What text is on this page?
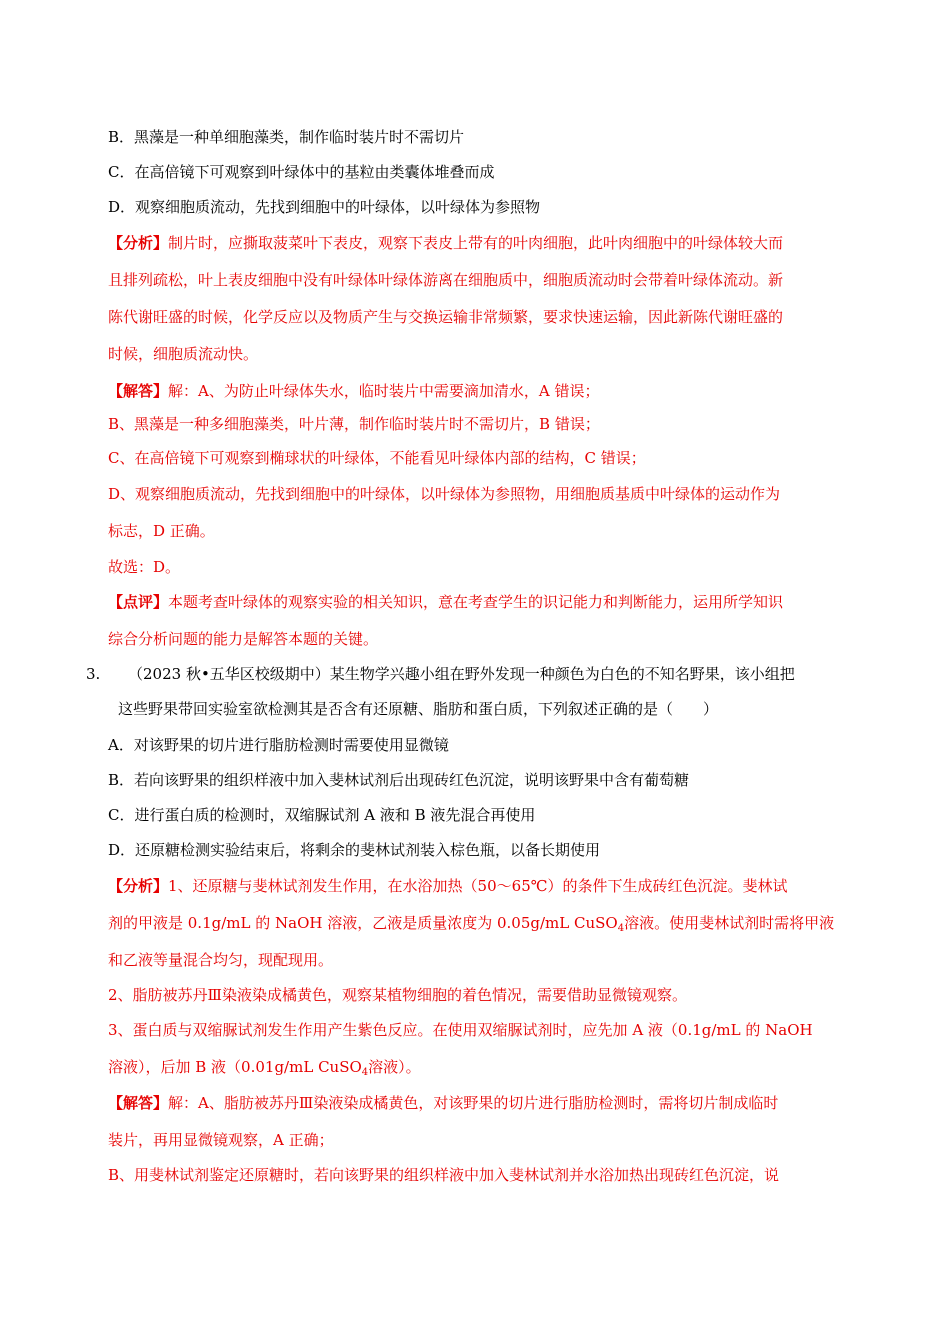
B．黑藻是一种单细胞藻类，制作临时装片时不需切片
C．在高倍镜下可观察到叶绿体中的基粒由类囊体堆叠而成
D．观察细胞质流动，先找到细胞中的叶绿体，以叶绿体为参照物
【分析】制片时，应撕取菠菜叶下表皮，观察下表皮上带有的叶肉细胞，此叶肉细胞中的叶绿体较大而
且排列疏松，叶上表皮细胞中没有叶绿体叶绿体游离在细胞质中，细胞质流动时会带着叶绿体流动。新
陈代谢旺盛的时候，化学反应以及物质产生与交换运输非常频繁，要求快速运输，因此新陈代谢旺盛的
时候，细胞质流动快。
【解答】解：A、为防止叶绿体失水，临时装片中需要滴加清水，A 错误；
B、黑藻是一种多细胞藻类，叶片薄，制作临时装片时不需切片，B 错误；
C、在高倍镜下可观察到椭球状的叶绿体，不能看见叶绿体内部的结构，C 错误；
D、观察细胞质流动，先找到细胞中的叶绿体，以叶绿体为参照物，用细胞质基质中叶绿体的运动作为
标志，D 正确。
故选：D。
【点评】本题考查叶绿体的观察实验的相关知识，意在考查学生的识记能力和判断能力，运用所学知识
综合分析问题的能力是解答本题的关键。
3. （2023 秋•五华区校级期中）某生物学兴趣小组在野外发现一种颜色为白色的不知名野果，该小组把
这些野果带回实验室欲检测其是否含有还原糖、脂肪和蛋白质，下列叙述正确的是（　　）
A．对该野果的切片进行脂肪检测时需要使用显微镜
B．若向该野果的组织样液中加入斐林试剂后出现砖红色沉淀，说明该野果中含有葡萄糖
C．进行蛋白质的检测时，双缩脲试剂 A 液和 B 液先混合再使用
D．还原糖检测实验结束后，将剩余的斐林试剂装入棕色瓶，以备长期使用
【分析】1、还原糖与斐林试剂发生作用，在水浴加热（50～65℃）的条件下生成砖红色沉淀。斐林试
剂的甲液是 0.1g/mL 的 NaOH 溶液，乙液是质量浓度为 0.05g/mL CuSO$_4$溶液。使用斐林试剂时需将甲液
和乙液等量混合均匀，现配现用。
2、脂肪被苏丹Ⅲ染液染成橘黄色，观察某植物细胞的着色情况，需要借助显微镜观察。
3、蛋白质与双缩脲试剂发生作用产生紫色反应。在使用双缩脲试剂时，应先加 A 液（0.1g/mL 的 NaOH
溶液），后加 B 液（0.01g/mL CuSO$_4$溶液）。
【解答】解：A、脂肪被苏丹Ⅲ染液染成橘黄色，对该野果的切片进行脂肪检测时，需将切片制成临时
装片，再用显微镜观察，A 正确；
B、用斐林试剂鉴定还原糖时，若向该野果的组织样液中加入斐林试剂并水浴加热出现砖红色沉淀，说
